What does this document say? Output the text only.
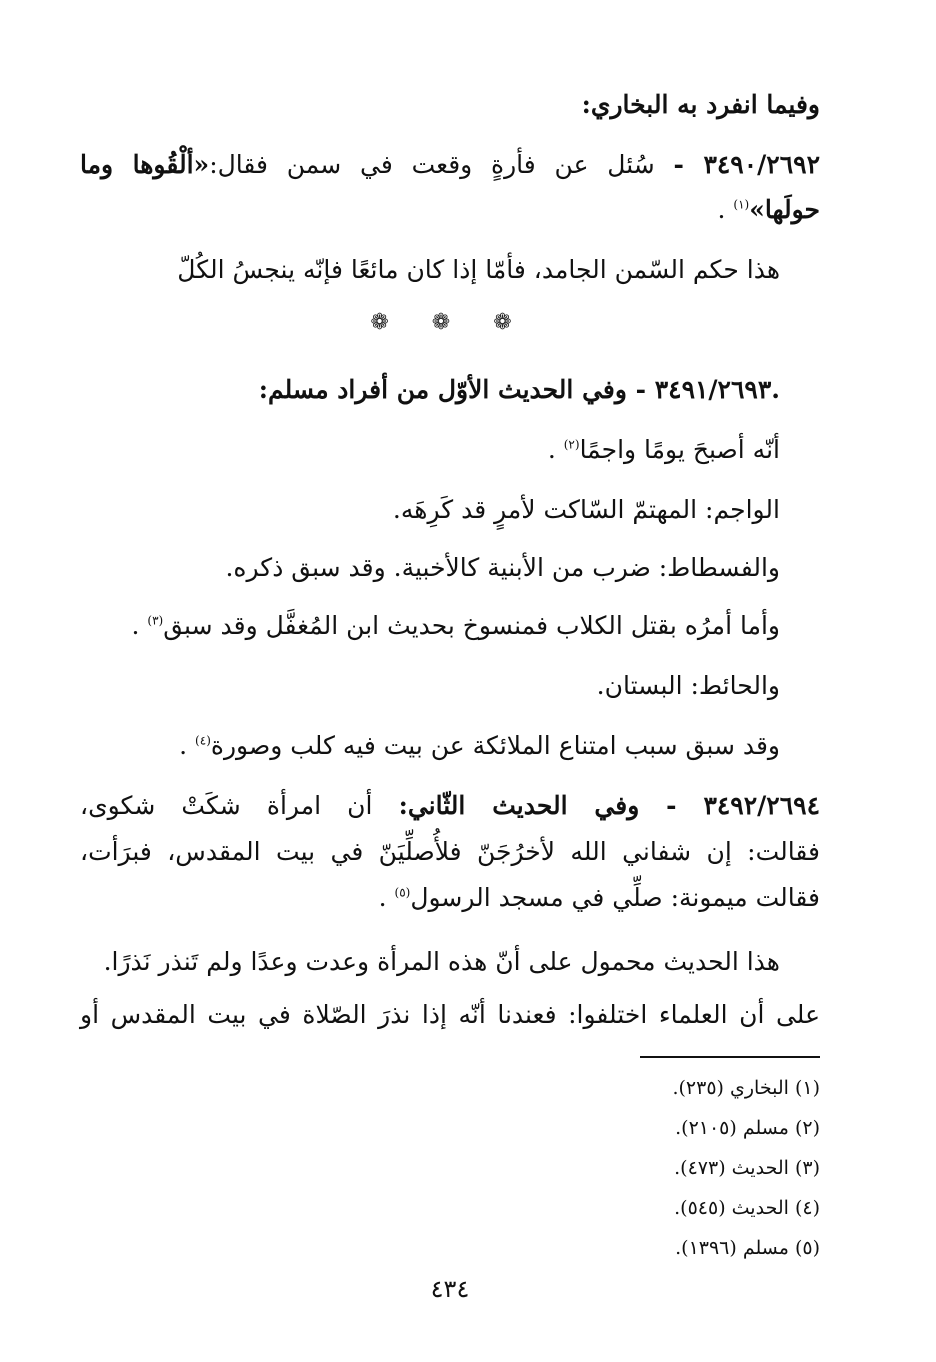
وفيما انفرد به البخاري:
٣٤٩٠/٢٦٩٢ - سُئل عن فأرةٍ وقعت في سمن فقال:«ألْقُوها وما
حولَها»$^{(١)}$ .
هذا حكم السّمن الجامد، فأمّا إذا كان مائعًا فإنّه ينجسُ الكُلّ
❁ ❁ ❁
.٣٤٩١/٢٦٩٣ - وفي الحديث الأوّل من أفراد مسلم:
أنّه أصبحَ يومًا واجمًا$^{(٢)}$ .
الواجم: المهتمّ السّاكت لأمرٍ قد كَرِهَه.
والفسطاط: ضرب من الأبنية كالأخبية. وقد سبق ذكره.
وأما أمرُه بقتل الكلاب فمنسوخ بحديث ابن المُغفَّل وقد سبق$^{(٣)}$ .
والحائط: البستان.
وقد سبق سبب امتناع الملائكة عن بيت فيه كلب وصورة$^{(٤)}$ .
٣٤٩٢/٢٦٩٤ - وفي الحديث الثّاني: أن امرأة شكَتْ شكوى،
فقالت: إن شفاني الله لأخرُجَنّ فلأُصلِّيَنّ في بيت المقدس، فبرَأت،
فقالت ميمونة: صلِّي في مسجد الرسول$^{(٥)}$ .
هذا الحديث محمول على أنّ هذه المرأة وعدت وعدًا ولم تَنذر نَذرًا.
على أن العلماء اختلفوا: فعندنا أنّه إذا نذرَ الصّلاة في بيت المقدس أو
(١) البخاري (٢٣٥).
(٢) مسلم (٢١٠٥).
(٣) الحديث (٤٧٣).
(٤) الحديث (٥٤٥).
(٥) مسلم (١٣٩٦).
٤٣٤
